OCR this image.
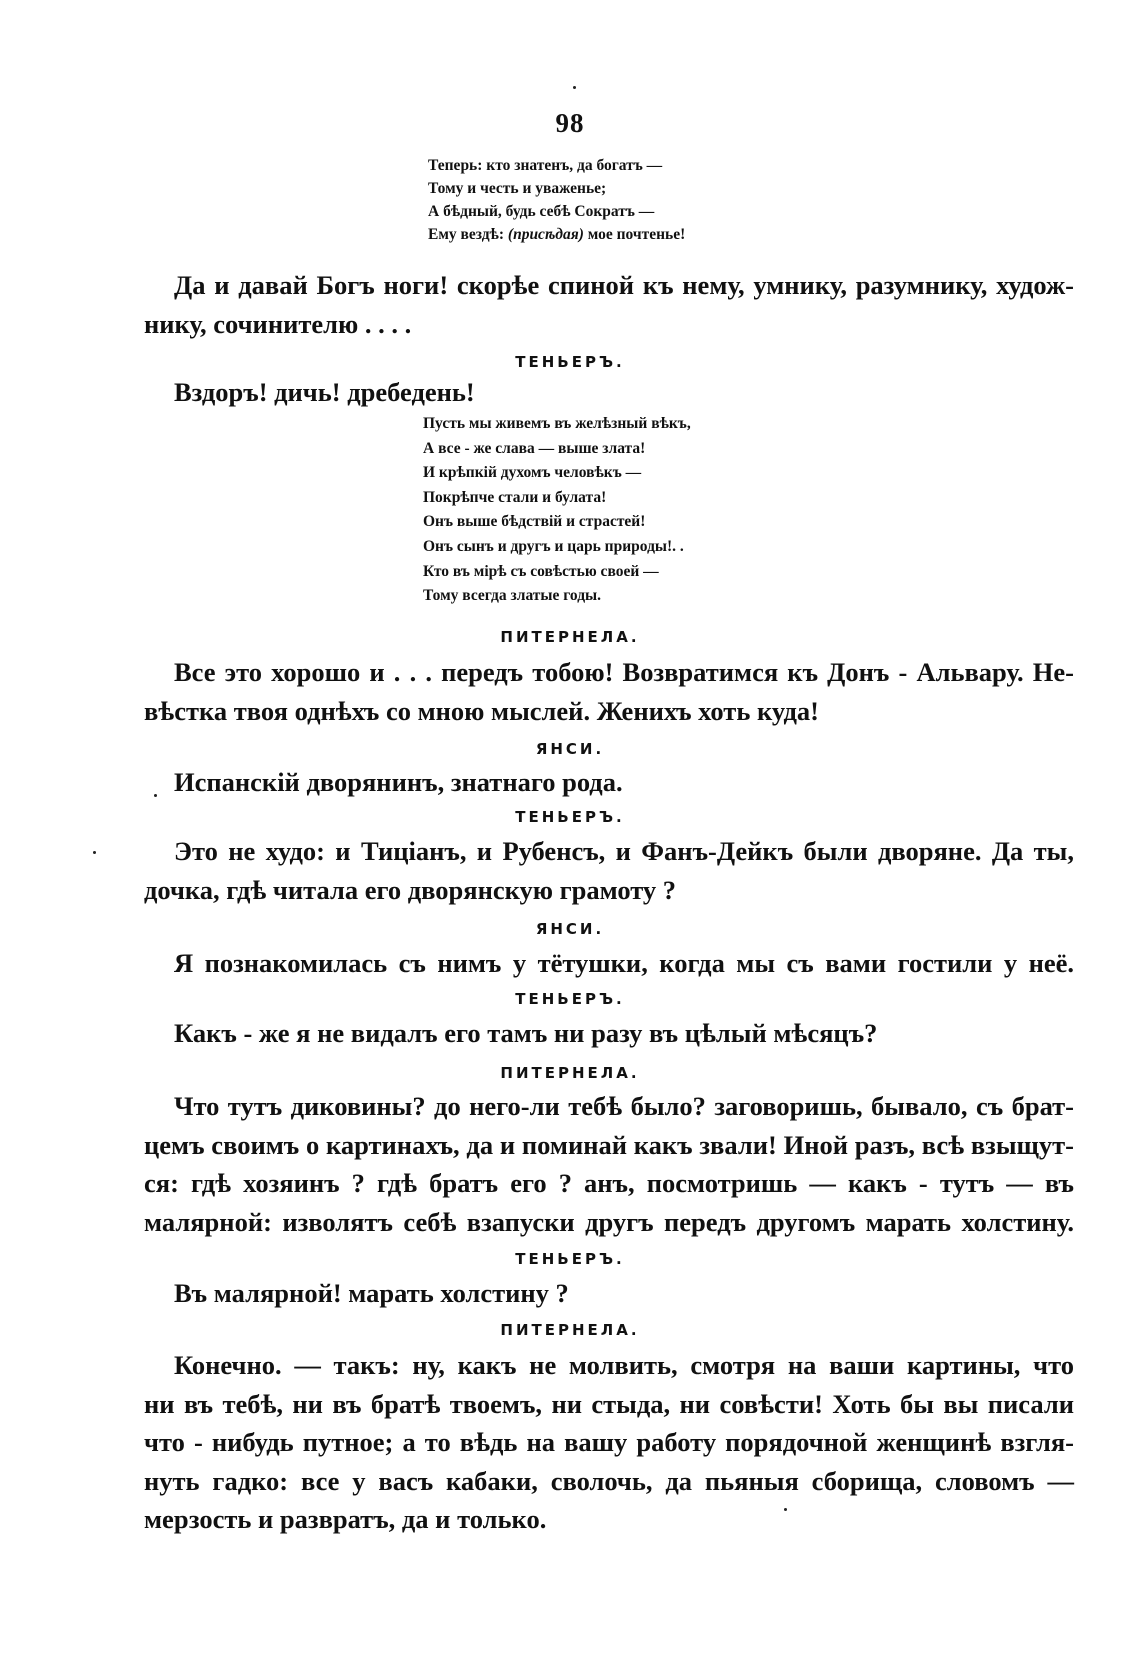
98
Теперь: кто знатенъ, да богатъ —
Тому и честь и уваженье;
А бѣдный, будь себѣ Сократъ —
Ему вездѣ: (приcѣдая) мое почтенье!
Да и давай Богъ ноги! скорѣе спиной къ нему, умнику, разумнику, худож-
нику, сочинителю . . . .
ТЕНЬЕРЪ.
Вздоръ! дичь! дребедень!
Пусть мы живемъ въ желѣзный вѣкъ,
А все - же слава — выше злата!
И крѣпкій духомъ человѣкъ —
Покрѣпче стали и булата!
Онъ выше бѣдствій и страстей!
Онъ сынъ и другъ и царь природы!. .
Кто въ мірѣ съ совѣстью своей —
Тому всегда златые годы.
ПИТЕРНЕЛА.
Все это хорошо и . . . передъ тобою! Возвратимся къ Донъ - Альвару. Не-
вѣстка твоя однѣхъ со мною мыслей. Женихъ хоть куда!
ЯНСИ.
Испанскій дворянинъ, знатнаго рода.
ТЕНЬЕРЪ.
Это не худо: и Тиціанъ, и Рубенсъ, и Фанъ-Дейкъ были дворяне. Да ты,
дочка, гдѣ читала его дворянскую грамоту ?
ЯНСИ.
Я познакомилась съ нимъ у тётушки, когда мы съ вами гостили у неё.
ТЕНЬЕРЪ.
Какъ - же я не видалъ его тамъ ни разу въ цѣлый мѣсяцъ?
ПИТЕРНЕЛА.
Что тутъ диковины? до него-ли тебѣ было? заговоришь, бывало, съ брат-
цемъ своимъ о картинахъ, да и поминай какъ звали! Иной разъ, всѣ взыщут-
ся: гдѣ хозяинъ ? гдѣ братъ его ? анъ, посмотришь — какъ - тутъ — въ
малярной: изволятъ себѣ взапуски другъ передъ другомъ марать холстину.
ТЕНЬЕРЪ.
Въ малярной! марать холстину ?
ПИТЕРНЕЛА.
Конечно. — такъ: ну, какъ не молвить, смотря на ваши картины, что
ни въ тебѣ, ни въ братѣ твоемъ, ни стыда, ни совѣсти! Хоть бы вы писали
что - нибудь путное; а то вѣдь на вашу работу порядочной женщинѣ взгля-
нуть гадко: все у васъ кабаки, сволочь, да пьяныя сборища, словомъ —
мерзость и развратъ, да и только.
